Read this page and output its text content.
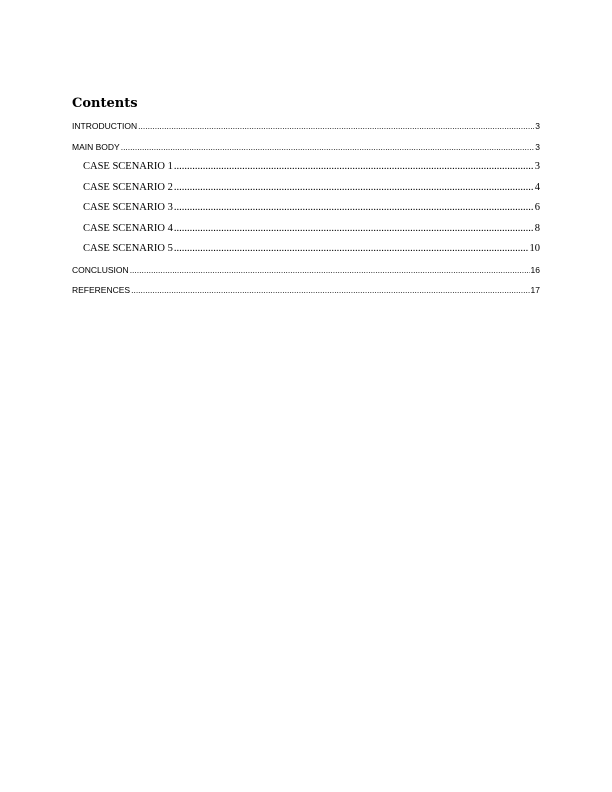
Contents
INTRODUCTION .....	3
MAIN BODY .....	3
CASE SCENARIO 1 .....	3
CASE SCENARIO 2 .....	4
CASE SCENARIO 3 .....	6
CASE SCENARIO 4 .....	8
CASE SCENARIO 5 .....	10
CONCLUSION .....	16
REFERENCES .....	17
